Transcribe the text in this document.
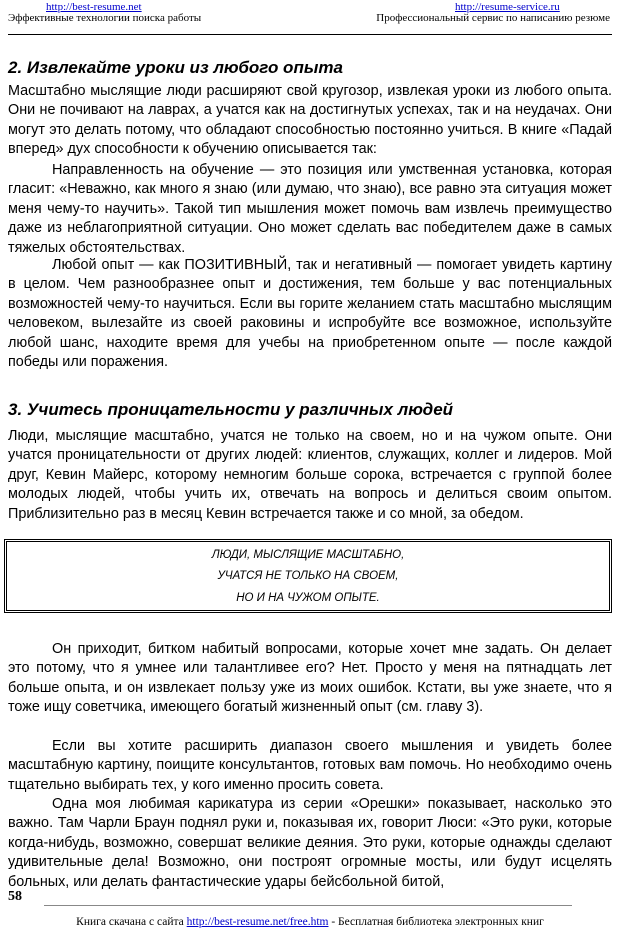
http://best-resume.net
Эффективные технологии поиска работы
http://resume-service.ru
Профессиональный сервис по написанию резюме
2. Извлекайте уроки из любого опыта

Масштабно мыслящие люди расширяют свой кругозор, извлекая уроки из любого опыта. Они не почивают на лаврах, а учатся как на достигнутых успехах, так и на неудачах. Они могут это делать потому, что обладают способностью постоянно учиться. В книге «Падай вперед» дух способности к обучению описывается так:

Направленность на обучение — это позиция или умственная установка, которая гласит: «Неважно, как много я знаю (или думаю, что знаю), все равно эта ситуация может меня чему-то научить». Такой тип мышления может помочь вам извлечь преимущество даже из неблагоприятной ситуации. Оно может сделать вас победителем даже в самых тяжелых обстоятельствах.

Любой опыт — как ПОЗИТИВНЫЙ, так и негативный — помогает увидеть картину в целом. Чем разнообразнее опыт и достижения, тем больше у вас потенциальных возможностей чему-то научиться. Если вы горите желанием стать масштабно мыслящим человеком, вылезайте из своей раковины и испробуйте все возможное, используйте любой шанс, находите время для учебы на приобретенном опыте — после каждой победы или поражения.

3. Учитесь проницательности у различных людей

Люди, мыслящие масштабно, учатся не только на своем, но и на чужом опыте. Они учатся проницательности от других людей: клиентов, служащих, коллег и лидеров. Мой друг, Кевин Майерс, которому немногим больше сорока, встречается с группой более молодых людей, чтобы учить их, отвечать на вопрось и делиться своим опытом. Приблизительно раз в месяц Кевин встречается также и со мной, за обедом.

ЛЮДИ, МЫСЛЯЩИЕ МАСШТАБНО,
УЧАТСЯ НЕ ТОЛЬКО НА СВОЕМ,
НО И НА ЧУЖОМ ОПЫТЕ.

Он приходит, битком набитый вопросами, которые хочет мне задать. Он делает это потому, что я умнее или талантливее его? Нет. Просто у меня на пятнадцать лет больше опыта, и он извлекает пользу уже из моих ошибок. Кстати, вы уже знаете, что я тоже ищу советчика, имеющего богатый жизненный опыт (см. главу 3).

Если вы хотите расширить диапазон своего мышления и увидеть более масштабную картину, поищите консультантов, готовых вам помочь. Но необходимо очень тщательно выбирать тех, у кого именно просить совета.

Одна моя любимая карикатура из серии «Орешки» показывает, насколько это важно. Там Чарли Браун поднял руки и, показывая их, говорит Люси: «Это руки, которые когда-нибудь, возможно, совершат великие деяния. Это руки, которые однажды сделают удивительные дела! Возможно, они построят огромные мосты, или будут исцелять больных, или делать фантастические удары бейсбольной битой,

58
Книга скачана с сайта http://best-resume.net/free.htm - Бесплатная библиотека электронных книг
